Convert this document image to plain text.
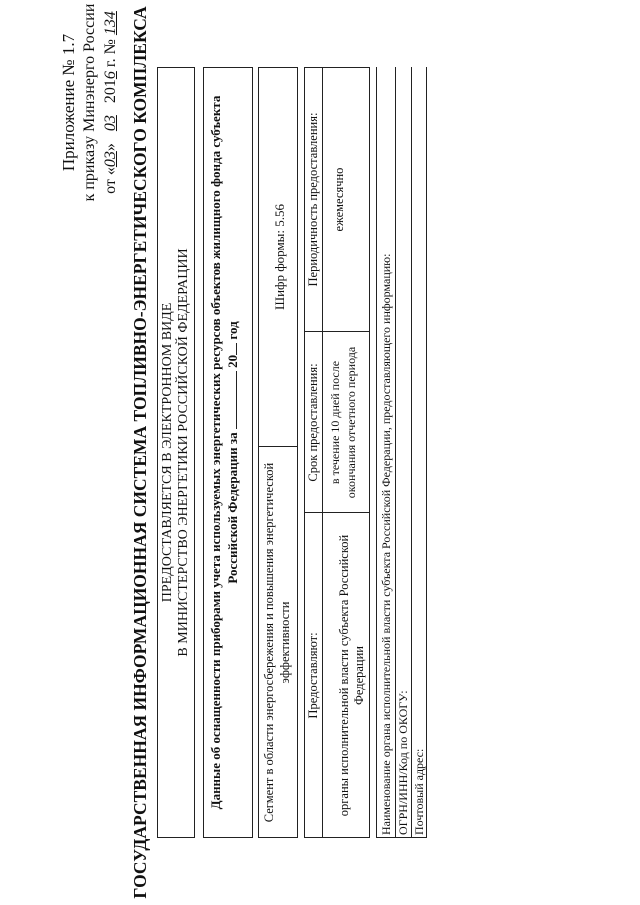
Приложение № 1.7 к приказу Минэнерго России от «03» 03 2016 г. № 134 ГОСУДАРСТВЕННАЯ ИНФОРМАЦИОННАЯ СИСТЕМА ТОПЛИВНО-ЭНЕРГЕТИЧЕСКОГО КОМПЛЕКСА ПРЕДОСТАВЛЯЕТСЯ В ЭЛЕКТРОННОМ ВИДЕ В МИНИСТЕРСТВО ЭНЕРГЕТИКИ РОССИЙСКОЙ ФЕДЕРАЦИИ Данные об оснащенности приборами учета используемых энергетических ресурсов объектов жилищного фонда субъекта Российской Федерации за  20 год
Сегмент в области энергосбережения и повышения энергетической эффективности
Шифр формы: 5.56
Предоставляют:
Срок предоставления:
Периодичность предоставления:
органы исполнительной власти субъекта Российской Федерации
в течение 10 дней после окончания отчетного периода
ежемесячно
Наименование органа исполнительной власти субъекта Российской Федерации, предоставляющего информацию: ОГРН/ИНН/Код по ОКОГУ: Почтовый адрес:
